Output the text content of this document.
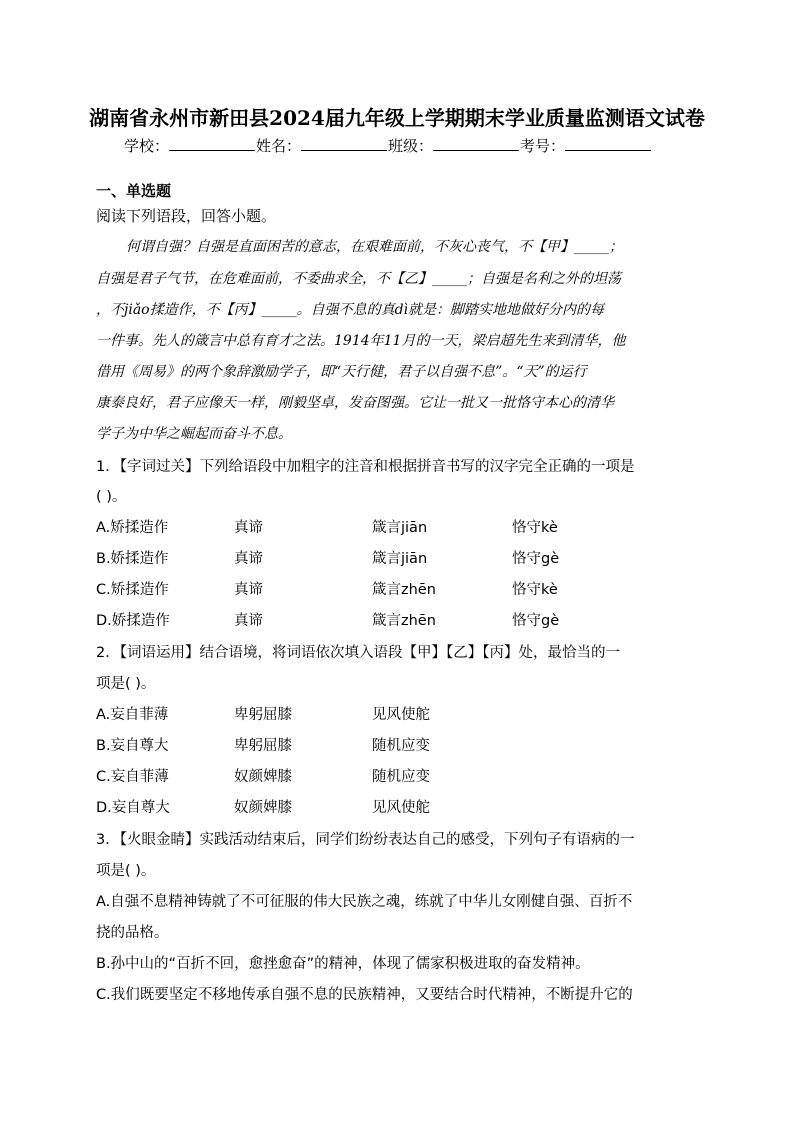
湖南省永州市新田县2024届九年级上学期期末学业质量监测语文试卷
学校：	姓名：	班级：	考号：
一、单选题
阅读下列语段，回答小题。
何谓自强？自强是直面困苦的意志，在艰难面前，不灰心丧气，不【甲】_____；
自强是君子气节，在危难面前，不委曲求全，不【乙】_____；自强是名利之外的坦荡
，不jiǎo揉造作，不【丙】_____。自强不息的真dì就是：脚踏实地地做好分内的每
一件事。先人的箴言中总有育才之法。1914年11月的一天，梁启超先生来到清华，他
借用《周易》的两个象辞激励学子，即“天行健，君子以自强不息”。“天”的运行
康泰良好，君子应像天一样，刚毅坚卓，发奋图强。它让一批又一批恪守本心的清华
学子为中华之崛起而奋斗不息。
1．【字词过关】下列给语段中加粗字的注音和根据拼音书写的汉字完全正确的一项是
( )。
A.矫揉造作	真谛	箴言jiān	恪守kè
B.娇揉造作	真谛	箴言jiān	恪守gè
C.矫揉造作	真谛	箴言zhēn	恪守kè
D.娇揉造作	真谛	箴言zhēn	恪守gè
2．【词语运用】结合语境，将词语依次填入语段【甲】【乙】【丙】处，最恰当的一
项是( )。
A.妄自菲薄	卑躬屈膝	见风使舵
B.妄自尊大	卑躬屈膝	随机应变
C.妄自菲薄	奴颜婢膝	随机应变
D.妄自尊大	奴颜婢膝	见风使舵
3．【火眼金睛】实践活动结束后，同学们纷纷表达自己的感受，下列句子有语病的一
项是( )。
A.自强不息精神铸就了不可征服的伟大民族之魂，练就了中华儿女刚健自强、百折不
挠的品格。
B.孙中山的“百折不回，愈挫愈奋”的精神，体现了儒家积极进取的奋发精神。
C.我们既要坚定不移地传承自强不息的民族精神，又要结合时代精神，不断提升它的
